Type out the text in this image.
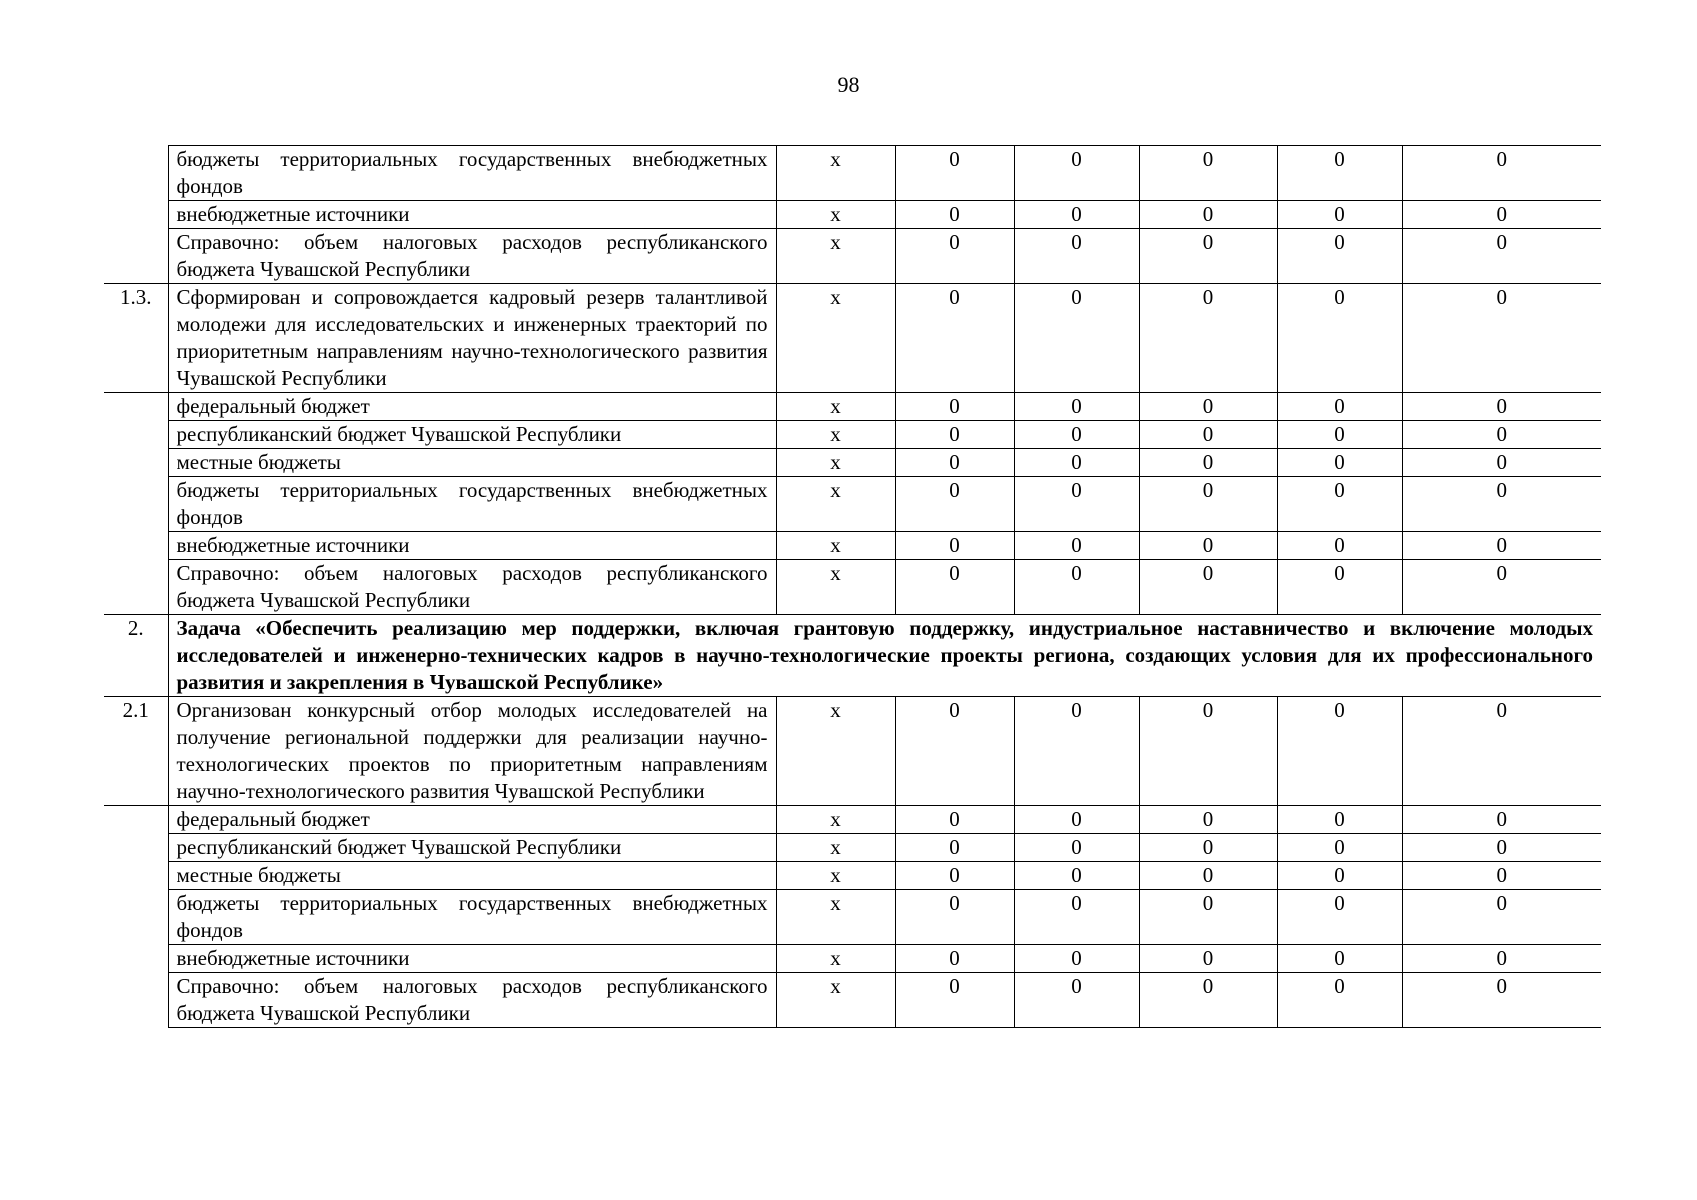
98
	бюджеты территориальных государственных внебюджетных фондов	х	0	0	0	0	0
	внебюджетные источники	х	0	0	0	0	0
	Справочно: объем налоговых расходов республиканского бюджета Чувашской Республики	х	0	0	0	0	0
1.3.	Сформирован и сопровождается кадровый резерв талантливой молодежи для исследовательских и инженерных траекторий по приоритетным направлениям научно-технологического развития Чувашской Республики	х	0	0	0	0	0
	федеральный бюджет	х	0	0	0	0	0
	республиканский бюджет Чувашской Республики	х	0	0	0	0	0
	местные бюджеты	х	0	0	0	0	0
	бюджеты территориальных государственных внебюджетных фондов	х	0	0	0	0	0
	внебюджетные источники	х	0	0	0	0	0
	Справочно: объем налоговых расходов республиканского бюджета Чувашской Республики	х	0	0	0	0	0
2.	Задача «Обеспечить реализацию мер поддержки, включая грантовую поддержку, индустриальное наставничество и включение молодых исследователей и инженерно-технических кадров в научно-технологические проекты региона, создающих условия для их профессионального развития и закрепления в Чувашской Республике»						
2.1	Организован конкурсный отбор молодых исследователей на получение региональной поддержки для реализации научно-технологических проектов по приоритетным направлениям научно-технологического развития Чувашской Республики	х	0	0	0	0	0
	федеральный бюджет	х	0	0	0	0	0
	республиканский бюджет Чувашской Республики	х	0	0	0	0	0
	местные бюджеты	х	0	0	0	0	0
	бюджеты территориальных государственных внебюджетных фондов	х	0	0	0	0	0
	внебюджетные источники	х	0	0	0	0	0
	Справочно: объем налоговых расходов республиканского бюджета Чувашской Республики	х	0	0	0	0	0
